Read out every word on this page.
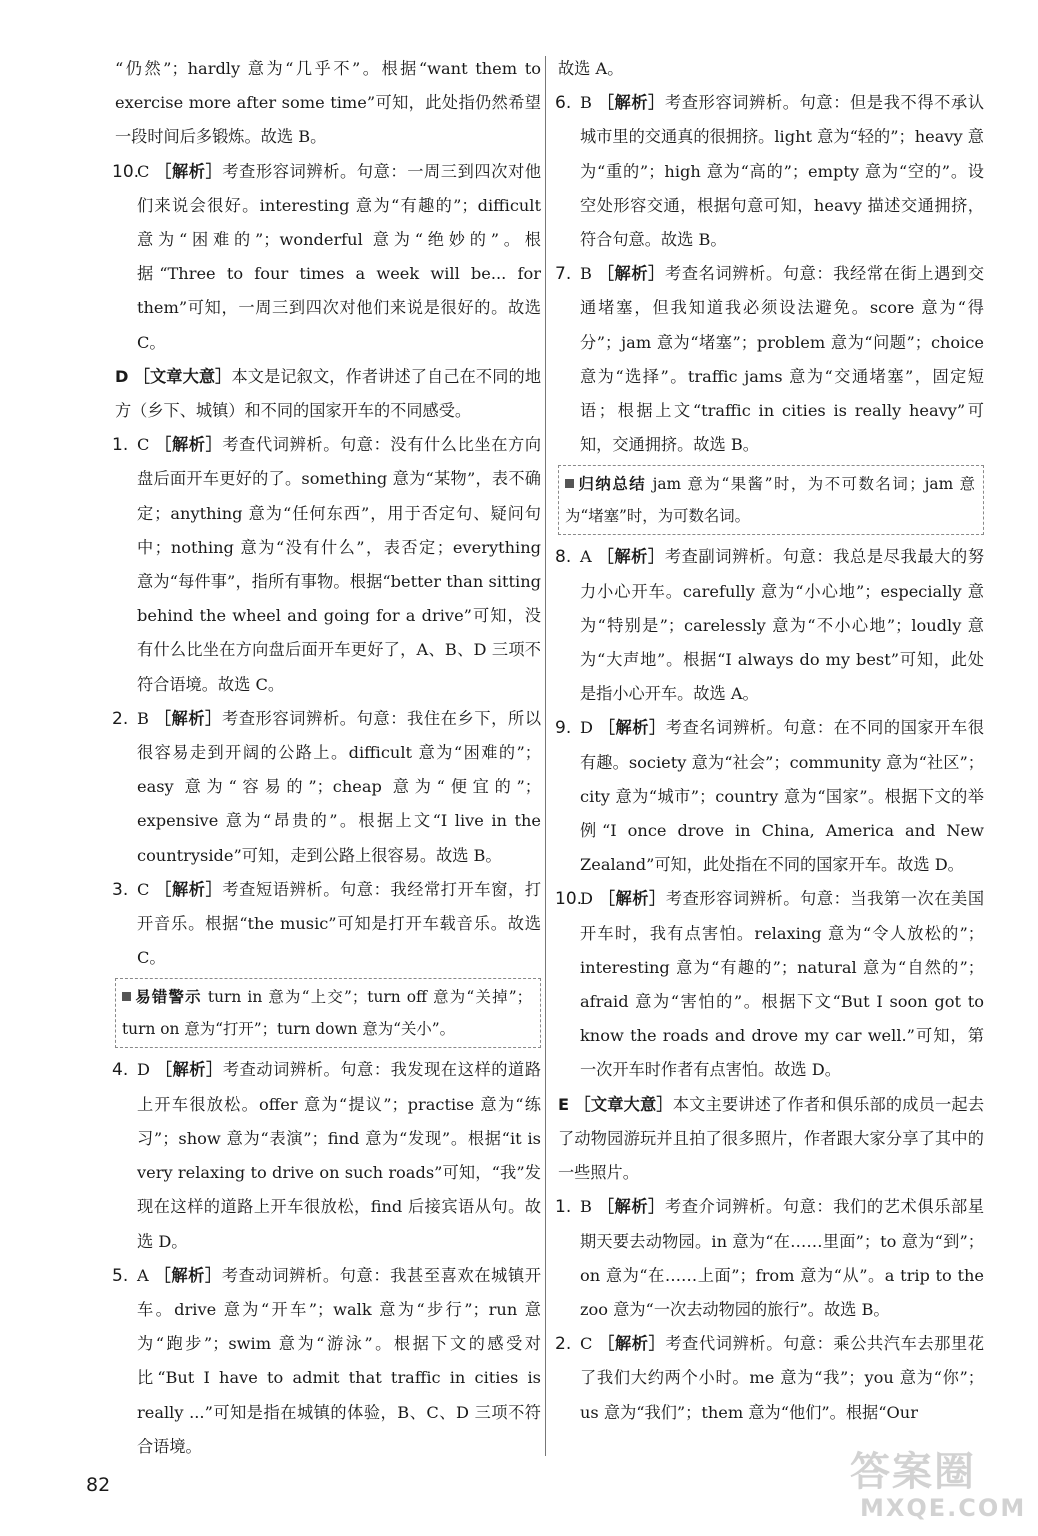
“仍然”；hardly 意为“几乎不”。根据“want them to exercise more after some time”可知，此处指仍然希望一段时间后多锻炼。故选 B。

10.
C ［解析］考查形容词辨析。句意：一周三到四次对他们来说会很好。interesting 意为“有趣的”；difficult 意为“困难的”；wonderful 意为“绝妙的”。根据“Three to four times a week will be... for them”可知，一周三到四次对他们来说是很好的。故选 C。

D ［文章大意］本文是记叙文，作者讲述了自己在不同的地方（乡下、城镇）和不同的国家开车的不同感受。

1. C ［解析］考查代词辨析。句意：没有什么比坐在方向盘后面开车更好的了。something 意为“某物”，表不确定；anything 意为“任何东西”，用于否定句、疑问句中；nothing 意为“没有什么”，表否定；everything 意为“每件事”，指所有事物。根据“better than sitting behind the wheel and going for a drive”可知，没有什么比坐在方向盘后面开车更好了，A、B、D 三项不符合语境。故选 C。
2. B ［解析］考查形容词辨析。句意：我住在乡下，所以很容易走到开阔的公路上。difficult 意为“困难的”；easy 意为“容易的”；cheap 意为“便宜的”；expensive 意为“昂贵的”。根据上文“I live in the countryside”可知，走到公路上很容易。故选 B。
3. C ［解析］考查短语辨析。句意：我经常打开车窗，打开音乐。根据“the music”可知是打开车载音乐。故选 C。
易错警示 turn in 意为“上交”；turn off 意为“关掉”；turn on 意为“打开”；turn down 意为“关小”。
4. D ［解析］考查动词辨析。句意：我发现在这样的道路上开车很放松。offer 意为“提议”；practise 意为“练习”；show 意为“表演”；find 意为“发现”。根据“it is very relaxing to drive on such roads”可知，“我”发现在这样的道路上开车很放松，find 后接宾语从句。故选 D。
5. A ［解析］考查动词辨析。句意：我甚至喜欢在城镇开车。drive 意为“开车”；walk 意为“步行”；run 意为“跑步”；swim 意为“游泳”。根据下文的感受对比“But I have to admit that traffic in cities is really ...”可知是指在城镇的体验，B、C、D 三项不符合语境。

故选 A。

6. B ［解析］考查形容词辨析。句意：但是我不得不承认城市里的交通真的很拥挤。light 意为“轻的”；heavy 意为“重的”；high 意为“高的”；empty 意为“空的”。设空处形容交通，根据句意可知，heavy 描述交通拥挤，符合句意。故选 B。
7. B ［解析］考查名词辨析。句意：我经常在街上遇到交通堵塞，但我知道我必须设法避免。score 意为“得分”；jam 意为“堵塞”；problem 意为“问题”；choice 意为“选择”。traffic jams 意为“交通堵塞”，固定短语；根据上文“traffic in cities is really heavy”可知，交通拥挤。故选 B。
归纳总结 jam 意为“果酱”时，为不可数名词；jam 意为“堵塞”时，为可数名词。
8. A ［解析］考查副词辨析。句意：我总是尽我最大的努力小心开车。carefully 意为“小心地”；especially 意为“特别是”；carelessly 意为“不小心地”；loudly 意为“大声地”。根据“I always do my best”可知，此处是指小心开车。故选 A。
9. D ［解析］考查名词辨析。句意：在不同的国家开车很有趣。society 意为“社会”；community 意为“社区”；city 意为“城市”；country 意为“国家”。根据下文的举例“I once drove in China, America and New Zealand”可知，此处指在不同的国家开车。故选 D。
10.
D ［解析］考查形容词辨析。句意：当我第一次在美国开车时，我有点害怕。relaxing 意为“令人放松的”；interesting 意为“有趣的”；natural 意为“自然的”；afraid 意为“害怕的”。根据下文“But I soon got to know the roads and drove my car well.”可知，第一次开车时作者有点害怕。故选 D。

E ［文章大意］本文主要讲述了作者和俱乐部的成员一起去了动物园游玩并且拍了很多照片，作者跟大家分享了其中的一些照片。

1. B ［解析］考查介词辨析。句意：我们的艺术俱乐部星期天要去动物园。in 意为“在……里面”；to 意为“到”；on 意为“在……上面”；from 意为“从”。a trip to the zoo 意为“一次去动物园的旅行”。故选 B。
2. C ［解析］考查代词辨析。句意：乘公共汽车去那里花了我们大约两个小时。me 意为“我”；you 意为“你”；us 意为“我们”；them 意为“他们”。根据“Our
82	答案圈
MXQE.COM
